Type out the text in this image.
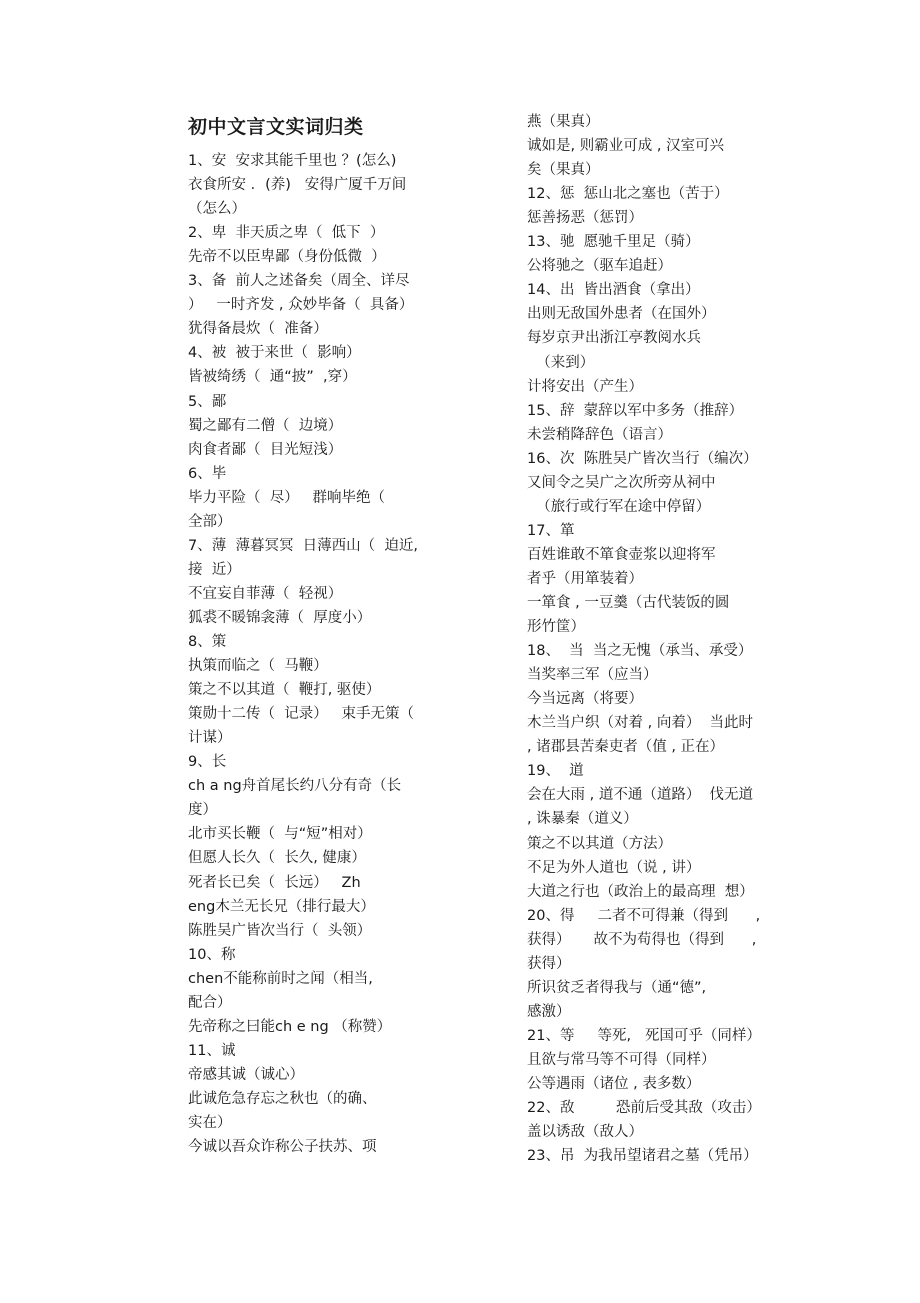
初中文言文实词归类
1、安  安求其能千里也 ？(怎么)
衣食所安 ．(养)   安得广厦千万间
（怎么）
2、卑  非天质之卑（  低下  ）
先帝不以臣卑鄙（身份低微  ）
3、备  前人之述备矣（周全、详尽
）   一时齐发 , 众妙毕备（  具备）
犹得备晨炊（  准备）
4、被  被于来世（  影响）
皆被绮绣（  通“披”  ,穿）
5、鄙
蜀之鄙有二僧（  边境）
肉食者鄙（  目光短浅）
6、毕
毕力平险（  尽）   群响毕绝（
全部）
7、薄  薄暮冥冥  日薄西山（  迫近,
接  近）
不宜妄自菲薄（  轻视）
狐裘不暖锦衾薄（  厚度小）
8、策
执策而临之（  马鞭）
策之不以其道（  鞭打, 驱使）
策勋十二传（  记录）   束手无策（
计谋）
9、长
ch a ng舟首尾长约八分有奇（长
度）
北市买长鞭（  与“短”相对）
但愿人长久（  长久, 健康）
死者长已矣（  长远）   Zh
eng木兰无长兄（排行最大）
陈胜吴广皆次当行（  头领）
10、称
chen不能称前时之闻（相当,
配合）
先帝称之曰能ch e ng （称赞）
11、诚
帝感其诚（诚心）
此诚危急存忘之秋也（的确、
实在）
今诚以吾众诈称公子扶苏、项
燕（果真）
诚如是, 则霸业可成 , 汉室可兴
矣（果真）
12、惩  惩山北之塞也（苦于）
惩善扬恶（惩罚）
13、驰  愿驰千里足（骑）
公将驰之（驱车追赶）
14、出  皆出酒食（拿出）
出则无敌国外患者（在国外）
每岁京尹出浙江亭教阅水兵
（来到）
计将安出（产生）
15、辞  蒙辞以军中多务（推辞）
未尝稍降辞色（语言）
16、次  陈胜吴广皆次当行（编次）
又间令之吴广之次所旁从祠中
（旅行或行军在途中停留）
17、箪
百姓谁敢不箪食壶浆以迎将军
者乎（用箪装着）
一箪食 , 一豆羹（古代装饭的圆
形竹筐）
18、  当  当之无愧（承当、承受）
当奖率三军（应当）
今当远离（将要）
木兰当户织（对着 , 向着）  当此时
, 诸郡县苦秦吏者（值 , 正在）
19、  道
会在大雨 , 道不通（道路）  伐无道
, 诛暴秦（道义）
策之不以其道（方法）
不足为外人道也（说 , 讲）
大道之行也（政治上的最高理  想）
20、得     二者不可得兼（得到      ,
获得）     故不为苟得也（得到      ,
获得）
所识贫乏者得我与（通“德”,
感激）
21、等     等死,   死国可乎（同样）
且欲与常马等不可得（同样）
公等遇雨（诸位 , 表多数）
22、敌         恐前后受其敌（攻击）
盖以诱敌（敌人）
23、吊  为我吊望诸君之墓（凭吊）
